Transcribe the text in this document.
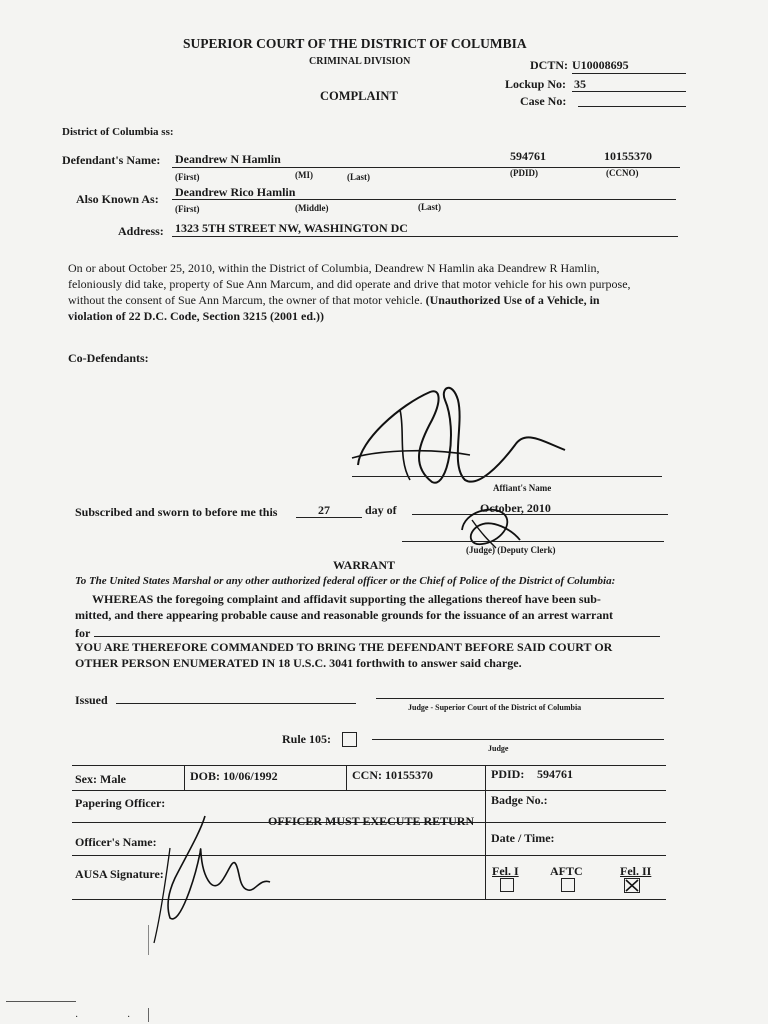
SUPERIOR COURT OF THE DISTRICT OF COLUMBIA
CRIMINAL DIVISION
COMPLAINT
DCTN: U10008695
Lockup No: 35
Case No:
District of Columbia ss:
Defendant's Name: Deandrew N Hamlin	594761	10155370
(First)	(MI)	(Last)	(PDID)	(CCNO)
Also Known As: Deandrew Rico Hamlin
(First)	(Middle)	(Last)
Address: 1323 5TH STREET NW, WASHINGTON DC
On or about October 25, 2010, within the District of Columbia, Deandrew N Hamlin aka Deandrew R Hamlin,
feloniously did take, property of Sue Ann Marcum, and did operate and drive that motor vehicle for his own purpose,
without the consent of Sue Ann Marcum, the owner of that motor vehicle. (Unauthorized Use of a Vehicle, in
violation of 22 D.C. Code, Section 3215 (2001 ed.))
Co-Defendants:
Affiant's Name
Subscribed and sworn to before me this	27	day of	October, 2010
(Judge) (Deputy Clerk)
WARRANT
To The United States Marshal or any other authorized federal officer or the Chief of Police of the District of Columbia:
WHEREAS the foregoing complaint and affidavit supporting the allegations thereof have been sub-
mitted, and there appearing probable cause and reasonable grounds for the issuance of an arrest warrant
for
YOU ARE THEREFORE COMMANDED TO BRING THE DEFENDANT BEFORE SAID COURT OR
OTHER PERSON ENUMERATED IN 18 U.S.C. 3041 forthwith to answer said charge.
Issued
Judge - Superior Court of the District of Columbia
Rule 105:
Judge
Sex: Male	DOB: 10/06/1992	CCN: 10155370	PDID: 594761
Papering Officer:	Badge No.:
OFFICER MUST EXECUTE RETURN
Officer's Name:	Date / Time:
AUSA Signature:	Fel. I	AFTC	Fel. II
·	·
